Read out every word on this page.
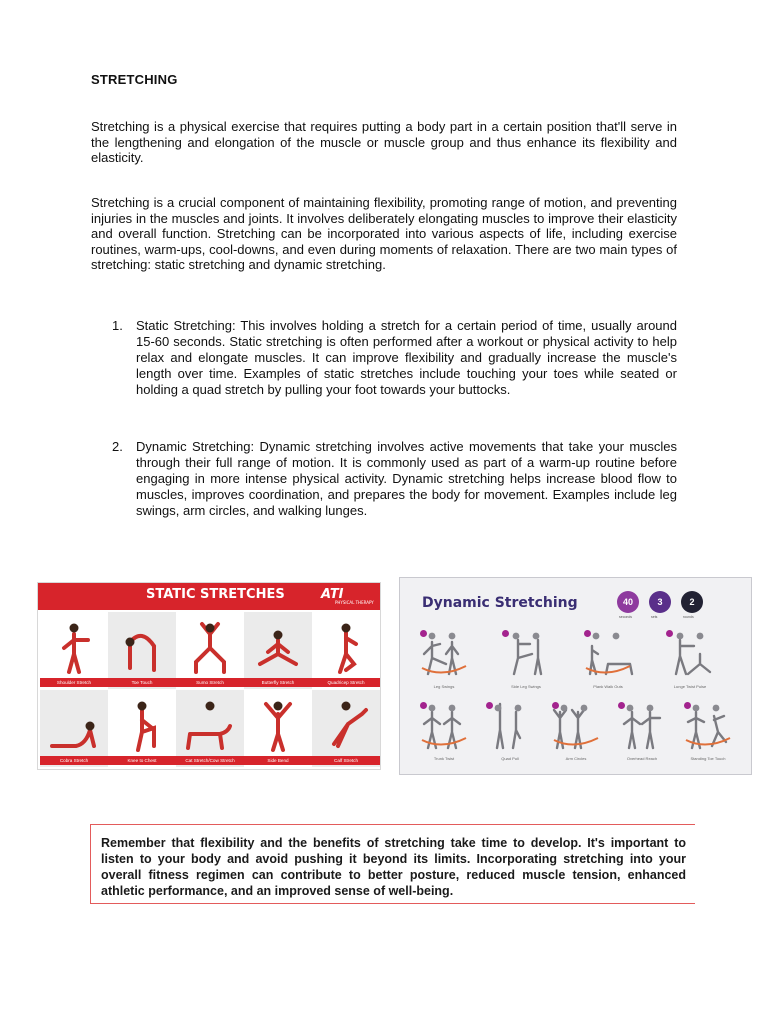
STRETCHING

Stretching is a physical exercise that requires putting a body part in a certain position that'll serve in the lengthening and elongation of the muscle or muscle group and thus enhance its flexibility and elasticity.

Stretching is a crucial component of maintaining flexibility, promoting range of motion, and preventing injuries in the muscles and joints. It involves deliberately elongating muscles to improve their elasticity and overall function. Stretching can be incorporated into various aspects of life, including exercise routines, warm-ups, cool-downs, and even during moments of relaxation. There are two main types of stretching: static stretching and dynamic stretching.

1. Static Stretching: This involves holding a stretch for a certain period of time, usually around 15-60 seconds. Static stretching is often performed after a workout or physical activity to help relax and elongate muscles. It can improve flexibility and gradually increase the muscle's length over time. Examples of static stretches include touching your toes while seated or holding a quad stretch by pulling your foot towards your buttocks.
2. Dynamic Stretching: Dynamic stretching involves active movements that take your muscles through their full range of motion. It is commonly used as part of a warm-up routine before engaging in more intense physical activity. Dynamic stretching helps increase blood flow to muscles, improves coordination, and prepares the body for movement. Examples include leg swings, arm circles, and walking lunges.
STATIC STRETCHES	ATI
PHYSICAL THERAPY
Shoulder Stretch	Toe Touch	Sumo Stretch	Butterfly Stretch	Quadricep Stretch
Cobra Stretch	Knee to Chest	Cat Stretch/Cow Stretch	Side Bend	Calf Stretch
Dynamic Stretching	40
seconds
3
sets
2
rounds
Leg Swings	Side Leg Swings	Plank Walk Outs	Lunge Twist Pulse
Trunk Twist	Quad Pull	Arm Circles	Overhead Reach	Standing Toe Touch

Remember that flexibility and the benefits of stretching take time to develop. It's important to listen to your body and avoid pushing it beyond its limits. Incorporating stretching into your overall fitness regimen can contribute to better posture, reduced muscle tension, enhanced athletic performance, and an improved sense of well-being.
